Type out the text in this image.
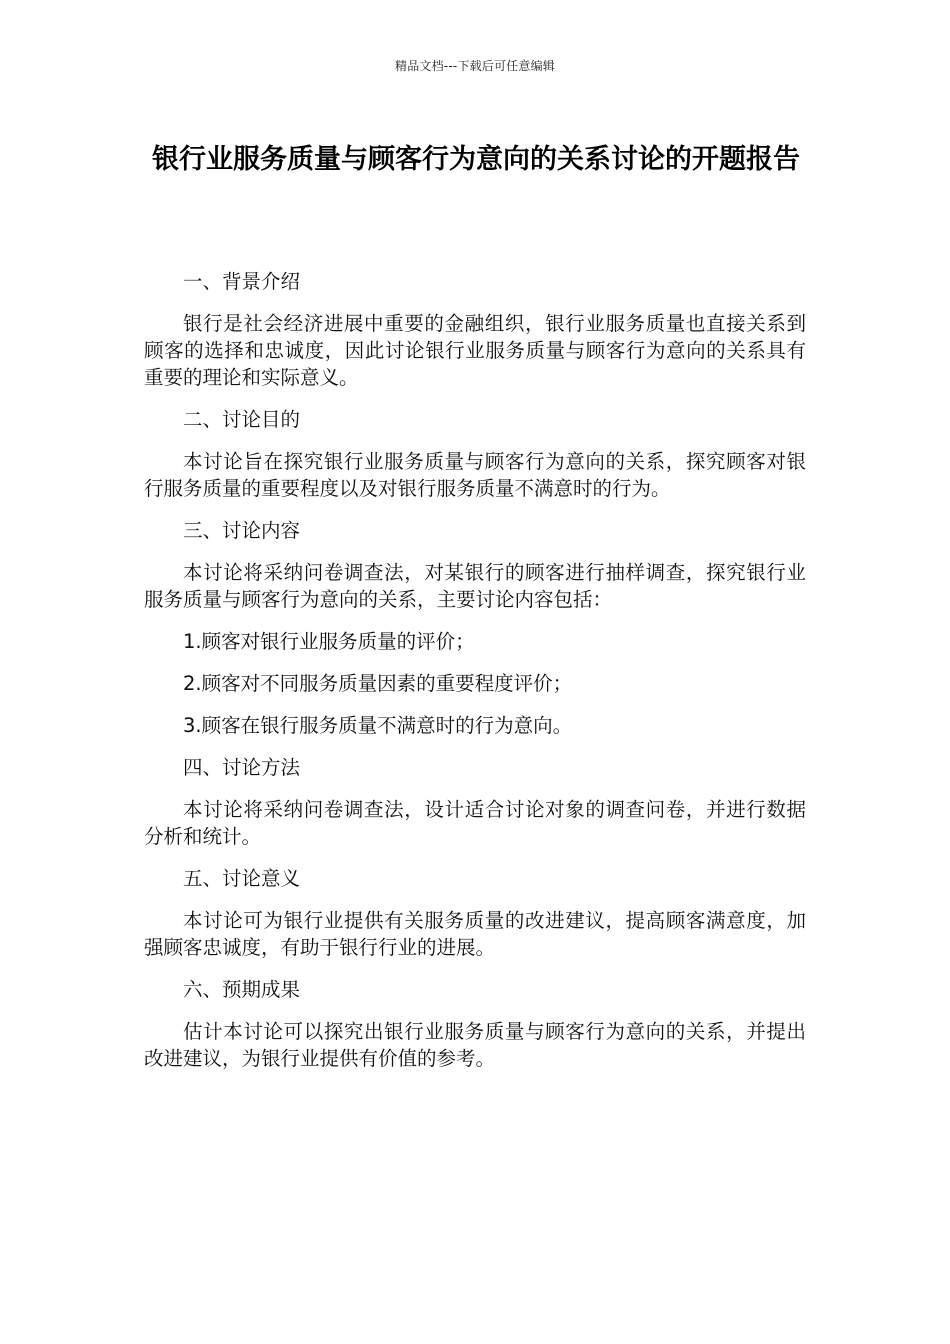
精品文档---下载后可任意编辑
银行业服务质量与顾客行为意向的关系讨论的开题报告

一、背景介绍

银行是社会经济进展中重要的金融组织，银行业服务质量也直接关系到顾客的选择和忠诚度，因此讨论银行业服务质量与顾客行为意向的关系具有重要的理论和实际意义。

二、讨论目的

本讨论旨在探究银行业服务质量与顾客行为意向的关系，探究顾客对银行服务质量的重要程度以及对银行服务质量不满意时的行为。

三、讨论内容

本讨论将采纳问卷调查法，对某银行的顾客进行抽样调查，探究银行业服务质量与顾客行为意向的关系，主要讨论内容包括：

1.顾客对银行业服务质量的评价；

2.顾客对不同服务质量因素的重要程度评价；

3.顾客在银行服务质量不满意时的行为意向。

四、讨论方法

本讨论将采纳问卷调查法，设计适合讨论对象的调查问卷，并进行数据分析和统计。

五、讨论意义

本讨论可为银行业提供有关服务质量的改进建议，提高顾客满意度，加强顾客忠诚度，有助于银行行业的进展。

六、预期成果

估计本讨论可以探究出银行业服务质量与顾客行为意向的关系，并提出改进建议，为银行业提供有价值的参考。
